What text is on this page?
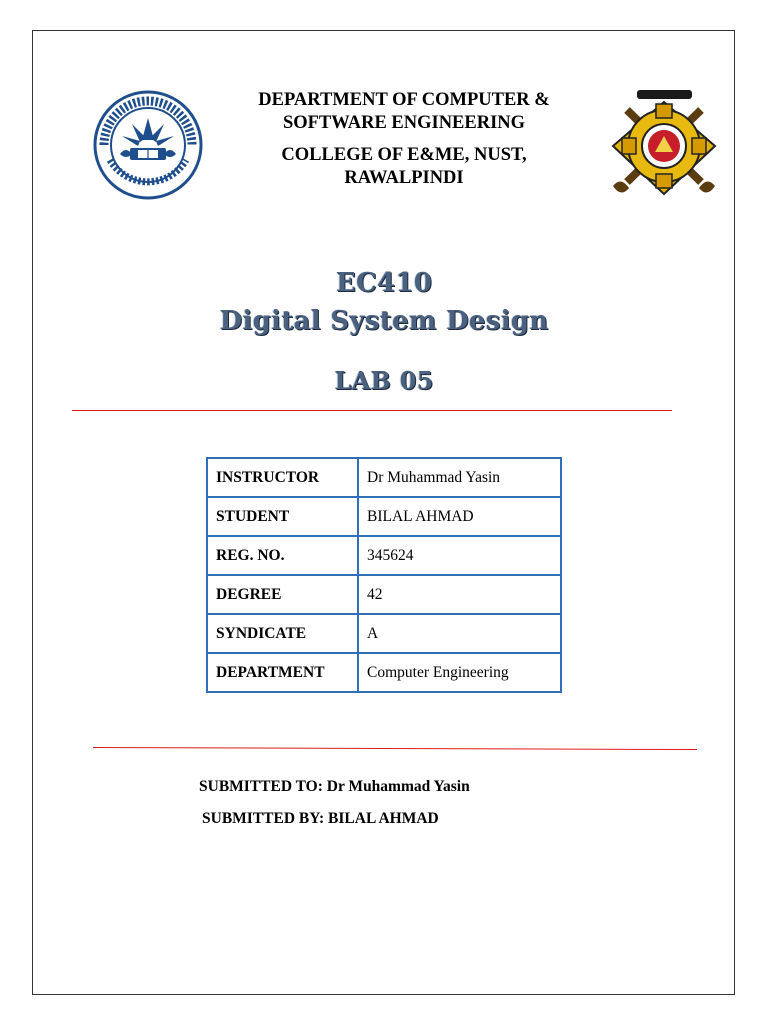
DEPARTMENT OF COMPUTER &
SOFTWARE ENGINEERING
COLLEGE OF E&ME, NUST,
RAWALPINDI
EC410
Digital System Design
LAB 05
INSTRUCTOR	Dr Muhammad Yasin
STUDENT	BILAL AHMAD
REG. NO.	345624
DEGREE	42
SYNDICATE	A
DEPARTMENT	Computer Engineering
SUBMITTED TO: Dr Muhammad Yasin
SUBMITTED BY: BILAL AHMAD
